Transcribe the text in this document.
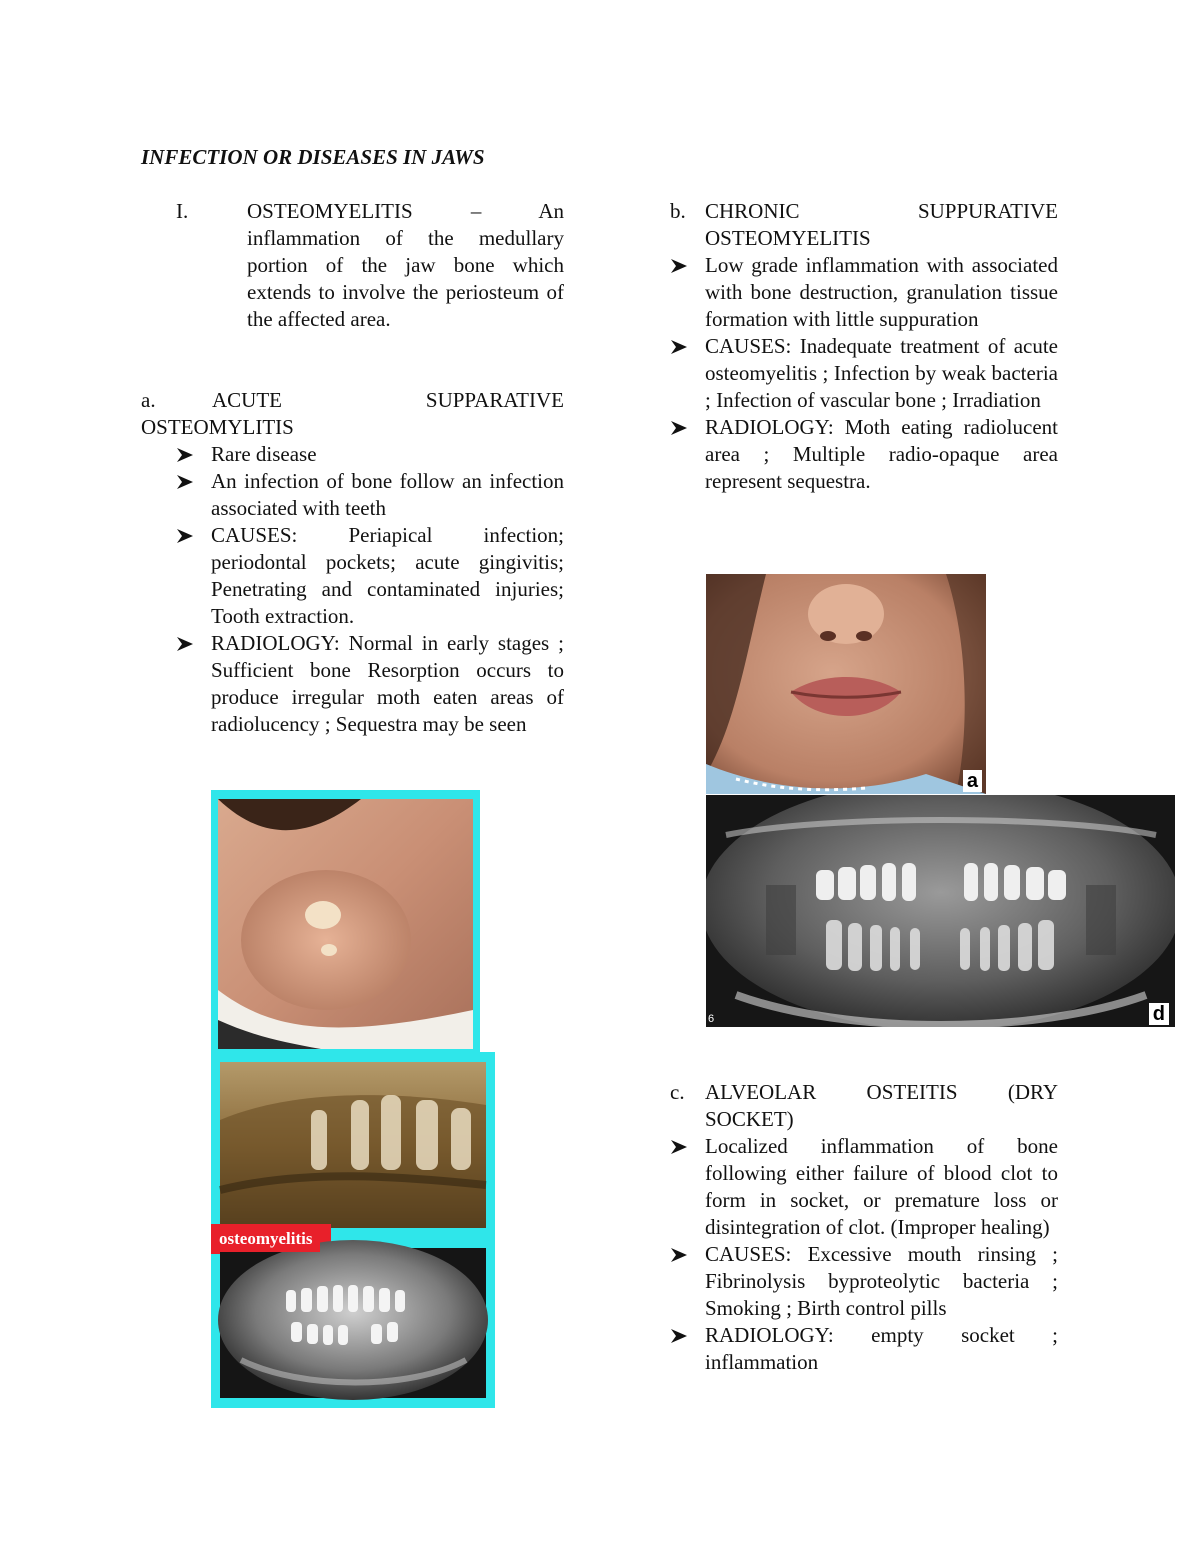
INFECTION OR DISEASES IN JAWS
I.	OSTEOMYELITIS – An inflammation of the medullary portion of the jaw bone which extends to involve the periosteum of the affected area.
a.	ACUTE SUPPARATIVE
OSTEOMYLITIS
Rare disease
An infection of bone follow an infection associated with teeth
CAUSES: Periapical infection; periodontal pockets; acute gingivitis; Penetrating and contaminated injuries; Tooth extraction.
RADIOLOGY: Normal in early stages ; Sufficient bone Resorption occurs to produce irregular moth eaten areas of radiolucency ; Sequestra may be seen
b. CHRONIC SUPPURATIVE OSTEOMYELITIS
Low grade inflammation with associated with bone destruction, granulation tissue formation with little suppuration
CAUSES: Inadequate treatment of acute osteomyelitis ; Infection by weak bacteria ; Infection of vascular bone ; Irradiation
RADIOLOGY: Moth eating radiolucent area ; Multiple radio-opaque area represent sequestra.
c. ALVEOLAR OSTEITIS (DRY SOCKET)
Localized inflammation of bone following either failure of blood clot to form in socket, or premature loss or disintegration of clot. (Improper healing)
CAUSES: Excessive mouth rinsing ; Fibrinolysis byproteolytic bacteria ; Smoking ; Birth control pills
RADIOLOGY: empty socket ; inflammation
osteomyelitis
a
6	d
